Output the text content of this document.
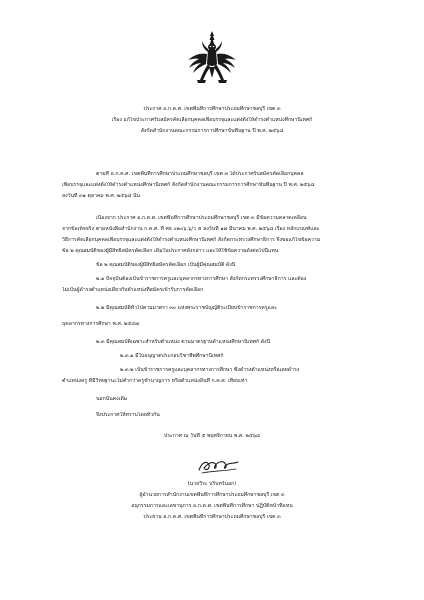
ประกาศ อ.ก.ค.ศ. เขตพื้นที่การศึกษาประถมศึกษาชลบุรี เขต ๓
เรื่อง แก้ไขประกาศรับสมัครคัดเลือกบุคคลเพื่อบรรจุและแต่งตั้งให้ดำรงตำแหน่งศึกษานิเทศก์
สังกัดสำนักงานคณะกรรมการการศึกษาขั้นพื้นฐาน ปี พ.ศ. ๒๕๖๘
ตามที่ อ.ก.ค.ศ. เขตพื้นที่การศึกษาประถมศึกษาชลบุรี เขต ๓ ได้ประกาศรับสมัครคัดเลือกบุคคล
เพื่อบรรจุและแต่งตั้งให้ดำรงตำแหน่งศึกษานิเทศก์ สังกัดสำนักงานคณะกรรมการการศึกษาขั้นพื้นฐาน ปี พ.ศ. ๒๕๖๘
ลงวันที่ ๓๑ ตุลาคม พ.ศ. ๒๕๖๘ นั้น
เนื่องจาก ประกาศ อ.ก.ค.ศ. เขตพื้นที่การศึกษาประถมศึกษาชลบุรี เขต ๓ มีข้อความคลาดเคลื่อน
จากข้อเท็จจริง ตามหนังสือสำนักงาน ก.ค.ศ. ที่ ศธ ๐๒๐๖.๖/ว ๕ ลงวันที่ ๑๗ มีนาคม พ.ศ. ๒๕๖๘ เรื่อง หลักเกณฑ์และ
วิธีการคัดเลือกบุคคลเพื่อบรรจุและแต่งตั้งให้ดำรงตำแหน่งศึกษานิเทศก์ สังกัดกระทรวงศึกษาธิการ จึงขอแก้ไขข้อความ
ข้อ ๒ คุณสมบัติของผู้มีสิทธิสมัครคัดเลือก เดิมในประกาศดังกล่าว และให้ใช้ข้อความดังต่อไปนี้แทน
ข้อ ๒ คุณสมบัติของผู้มีสิทธิสมัครคัดเลือก เป็นผู้มีคุณสมบัติ ดังนี้
๒.๑ ปัจจุบันต้องเป็นข้าราชการครูและบุคลากรทางการศึกษา สังกัดกระทรวงศึกษาธิการ และต้อง
ไม่เป็นผู้ดำรงตำแหน่งเดียวกับตำแหน่งที่สมัครเข้ารับการคัดเลือก
๒.๒ มีคุณสมบัติทั่วไปตามมาตรา ๓๐ แห่งพระราชบัญญัติระเบียบข้าราชการครูและ
บุคลากรทางการศึกษา พ.ศ. ๒๕๔๗
๒.๓ มีคุณสมบัติเฉพาะสำหรับตำแหน่ง ตามมาตรฐานตำแหน่งศึกษานิเทศก์ ดังนี้
๒.๓.๑ มีใบอนุญาตประกอบวิชาชีพศึกษานิเทศก์
๒.๓.๒ เป็นข้าราชการครูและบุคลากรทางการศึกษา ซึ่งดำรงตำแหน่งหรือเคยดำรง
ตำแหน่งครู ที่มีวิทยฐานะไม่ต่ำกว่าครูชำนาญการ หรือตำแหน่งอื่นที่ ก.ค.ศ. เทียบเท่า
นอกนั้นคงเดิม
จึงประกาศให้ทราบโดยทั่วกัน
ประกาศ ณ วันที่ ๕ พฤศจิกายน พ.ศ. ๒๕๖๘
(นายวีระ บริบทร์นอก)
ผู้อำนวยการสำนักงานเขตพื้นที่การศึกษาประถมศึกษาชลบุรี เขต ๓
อนุกรรมการและเลขานุการ อ.ก.ค.ศ. เขตพื้นที่การศึกษา ปฏิบัติหน้าที่แทน
ประธาน อ.ก.ค.ศ. เขตพื้นที่การศึกษาประถมศึกษาชลบุรี เขต ๓
